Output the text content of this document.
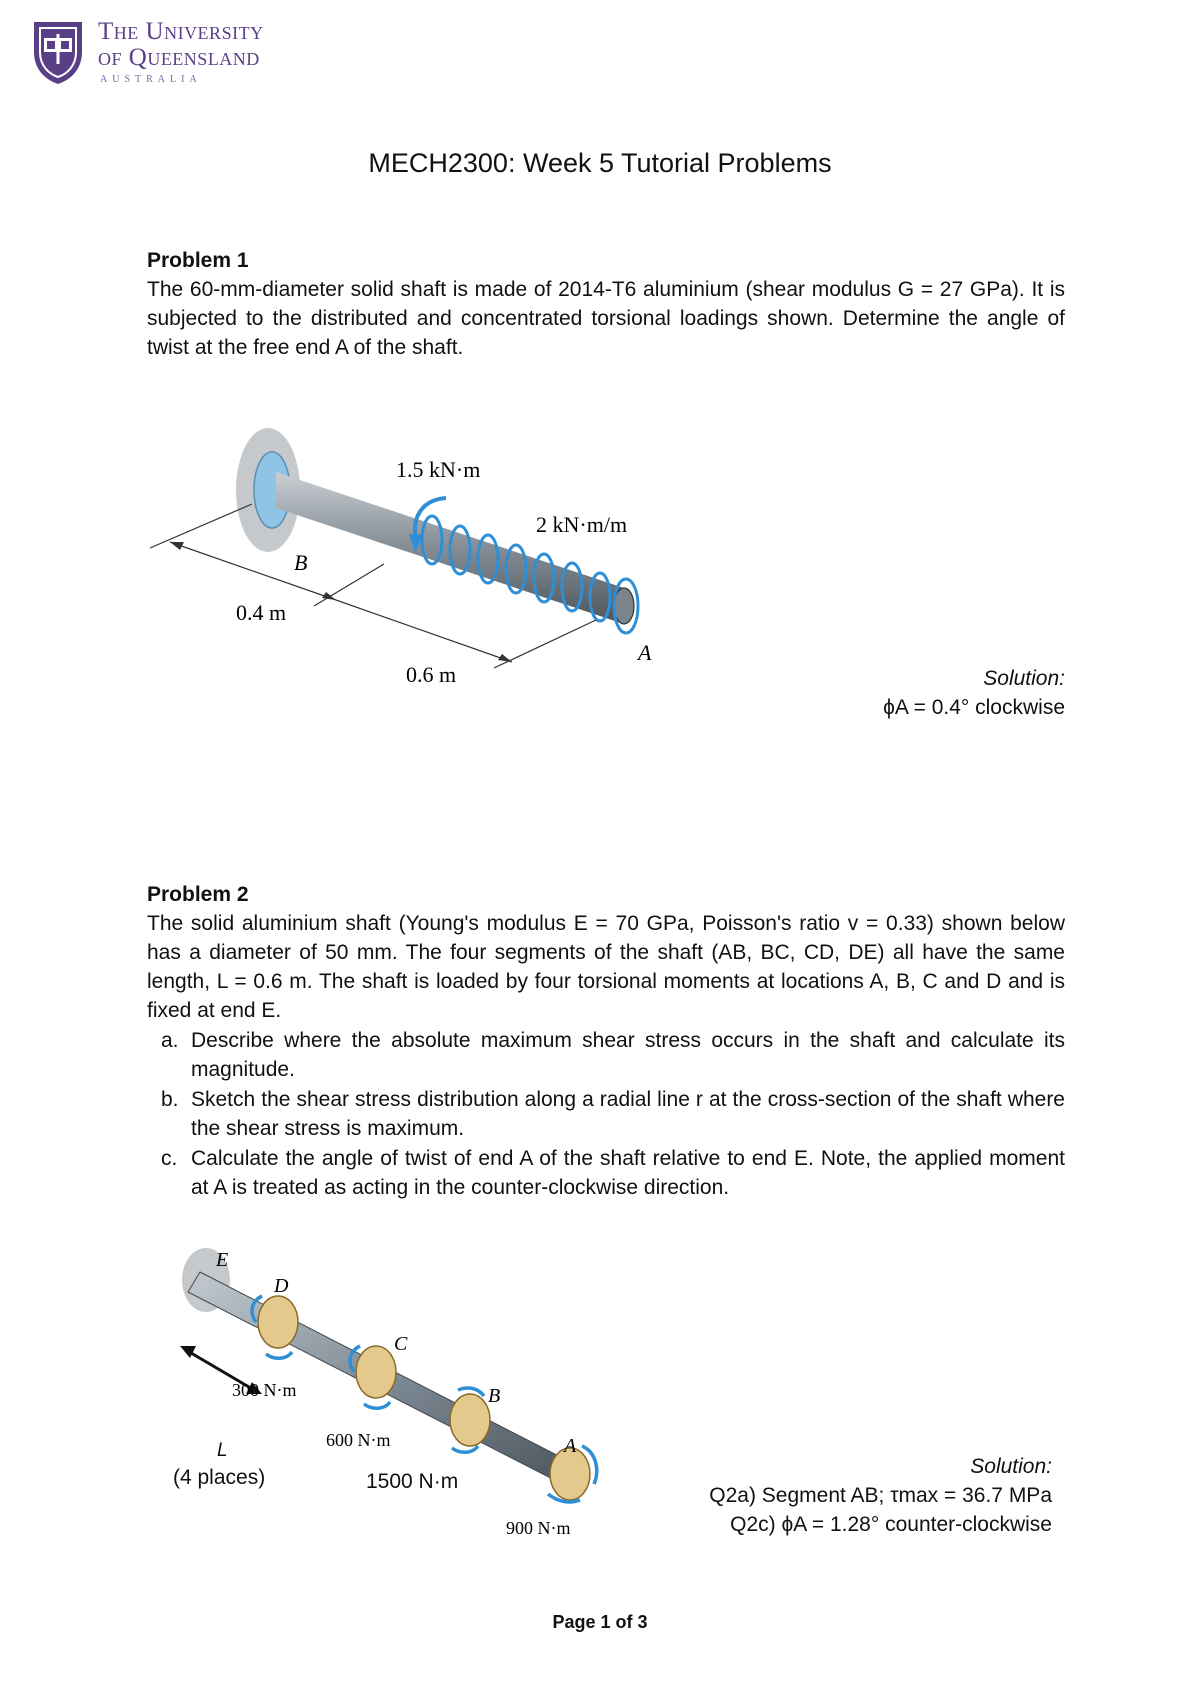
The University
of Queensland
AUSTRALIA
MECH2300: Week 5 Tutorial Problems
Problem 1
The 60-mm-diameter solid shaft is made of 2014-T6 aluminium (shear modulus G = 27 GPa). It is subjected to the distributed and concentrated torsional loadings shown. Determine the angle of twist at the free end A of the shaft.
1.5 kN·m
2 kN·m/m
B
A
0.4 m
0.6 m	Solution:
ϕA = 0.4° clockwise
Problem 2
The solid aluminium shaft (Young's modulus E = 70 GPa, Poisson's ratio v = 0.33) shown below has a diameter of 50 mm. The four segments of the shaft (AB, BC, CD, DE) all have the same length, L = 0.6 m. The shaft is loaded by four torsional moments at locations A, B, C and D and is fixed at end E.
a. Describe where the absolute maximum shear stress occurs in the shaft and calculate its magnitude.
b. Sketch the shear stress distribution along a radial line r at the cross-section of the shaft where the shear stress is maximum.
c. Calculate the angle of twist of end A of the shaft relative to end E. Note, the applied moment at A is treated as acting in the counter-clockwise direction.
E
D
C
B
A
300 N·m
600 N·m
900 N·m
L
(4 places)	1500 N·m
Solution:
Q2a) Segment AB; τmax = 36.7 MPa
Q2c) ϕA = 1.28° counter-clockwise
Page 1 of 3
